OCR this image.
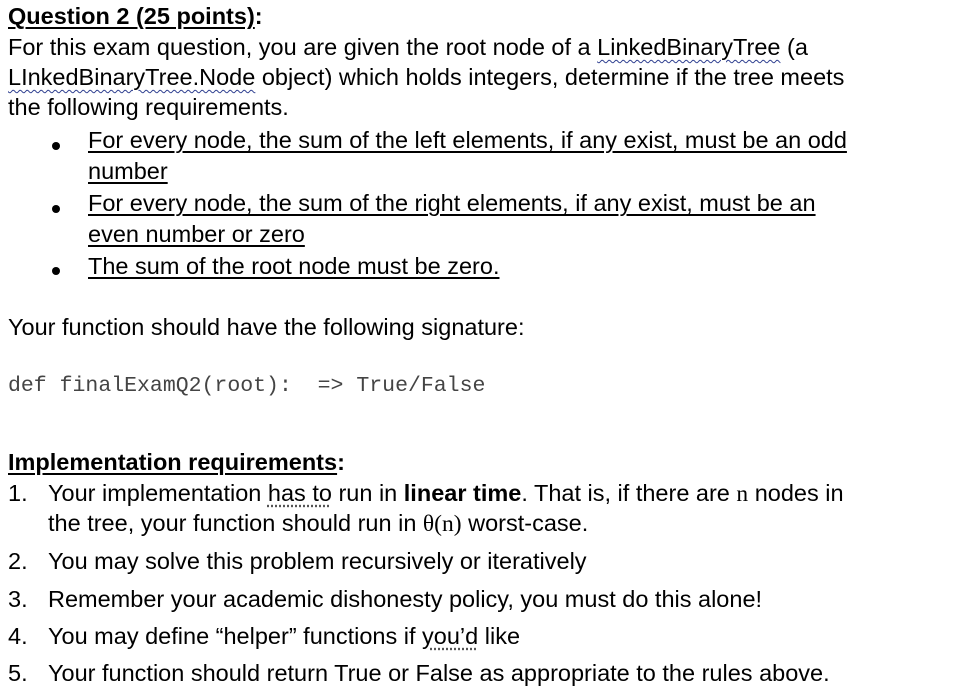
Question 2 (25 points):
For this exam question, you are given the root node of a LinkedBinaryTree (a
LInkedBinaryTree.Node object) which holds integers, determine if the tree meets
the following requirements.
For every node, the sum of the left elements, if any exist, must be an odd
number
For every node, the sum of the right elements, if any exist, must be an
even number or zero
The sum of the root node must be zero.
Your function should have the following signature:
def finalExamQ2(root):  => True/False
Implementation requirements:
1. Your implementation has to run in linear time. That is, if there are n nodes in
the tree, your function should run in θ(n) worst-case.
2. You may solve this problem recursively or iteratively
3. Remember your academic dishonesty policy, you must do this alone!
4. You may define “helper” functions if you’d like
5. Your function should return True or False as appropriate to the rules above.
